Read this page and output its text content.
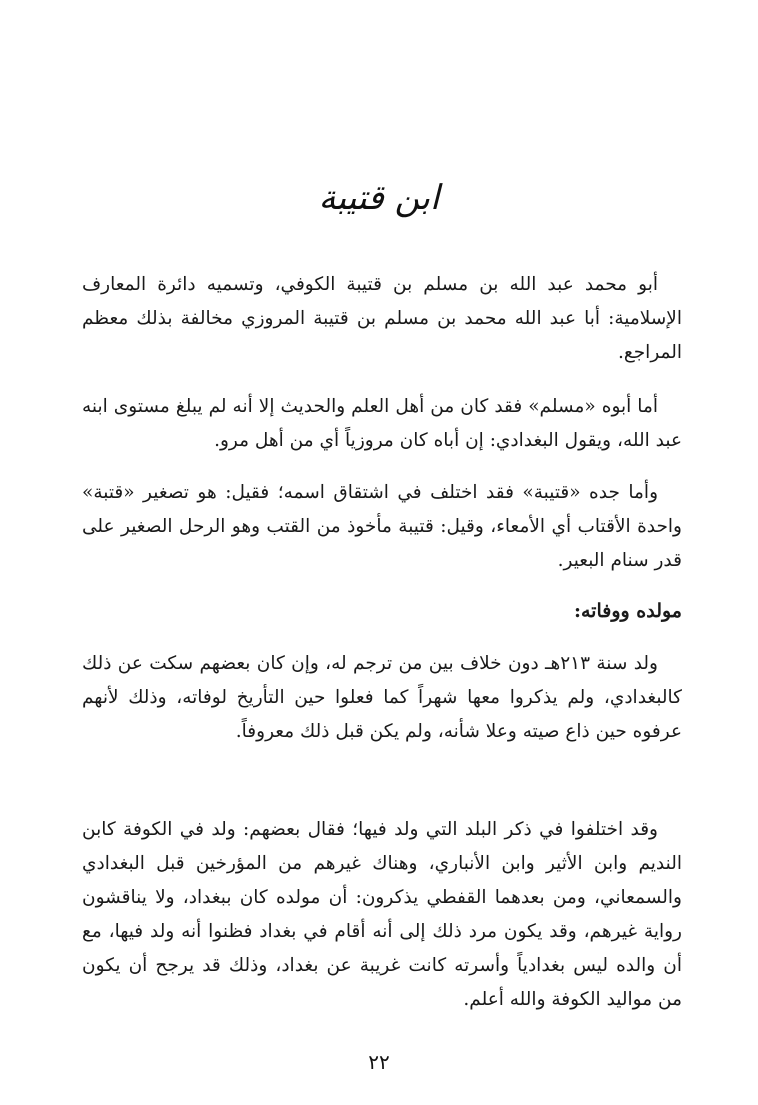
ابن قتيبة

أبو محمد عبد الله بن مسلم بن قتيبة الكوفي، وتسميه دائرة المعارف الإسلامية: أبا عبد الله محمد بن مسلم بن قتيبة المروزي مخالفة بذلك معظم المراجع.

أما أبوه «مسلم» فقد كان من أهل العلم والحديث إلا أنه لم يبلغ مستوى ابنه عبد الله، ويقول البغدادي: إن أباه كان مروزياً أي من أهل مرو.

وأما جده «قتيبة» فقد اختلف في اشتقاق اسمه؛ فقيل: هو تصغير «قتبة» واحدة الأقتاب أي الأمعاء، وقيل: قتيبة مأخوذ من القتب وهو الرحل الصغير على قدر سنام البعير.

مولده ووفاته:

ولد سنة ٢١٣هـ دون خلاف بين من ترجم له، وإن كان بعضهم سكت عن ذلك كالبغدادي، ولم يذكروا معها شهراً كما فعلوا حين التأريخ لوفاته، وذلك لأنهم عرفوه حين ذاع صيته وعلا شأنه، ولم يكن قبل ذلك معروفاً.

وقد اختلفوا في ذكر البلد التي ولد فيها؛ فقال بعضهم: ولد في الكوفة كابن النديم وابن الأثير وابن الأنباري، وهناك غيرهم من المؤرخين قبل البغدادي والسمعاني، ومن بعدهما القفطي يذكرون: أن مولده كان ببغداد، ولا يناقشون رواية غيرهم، وقد يكون مرد ذلك إلى أنه أقام في بغداد فظنوا أنه ولد فيها، مع أن والده ليس بغدادياً وأسرته كانت غريبة عن بغداد، وذلك قد يرجح أن يكون من مواليد الكوفة والله أعلم.

٢٢
